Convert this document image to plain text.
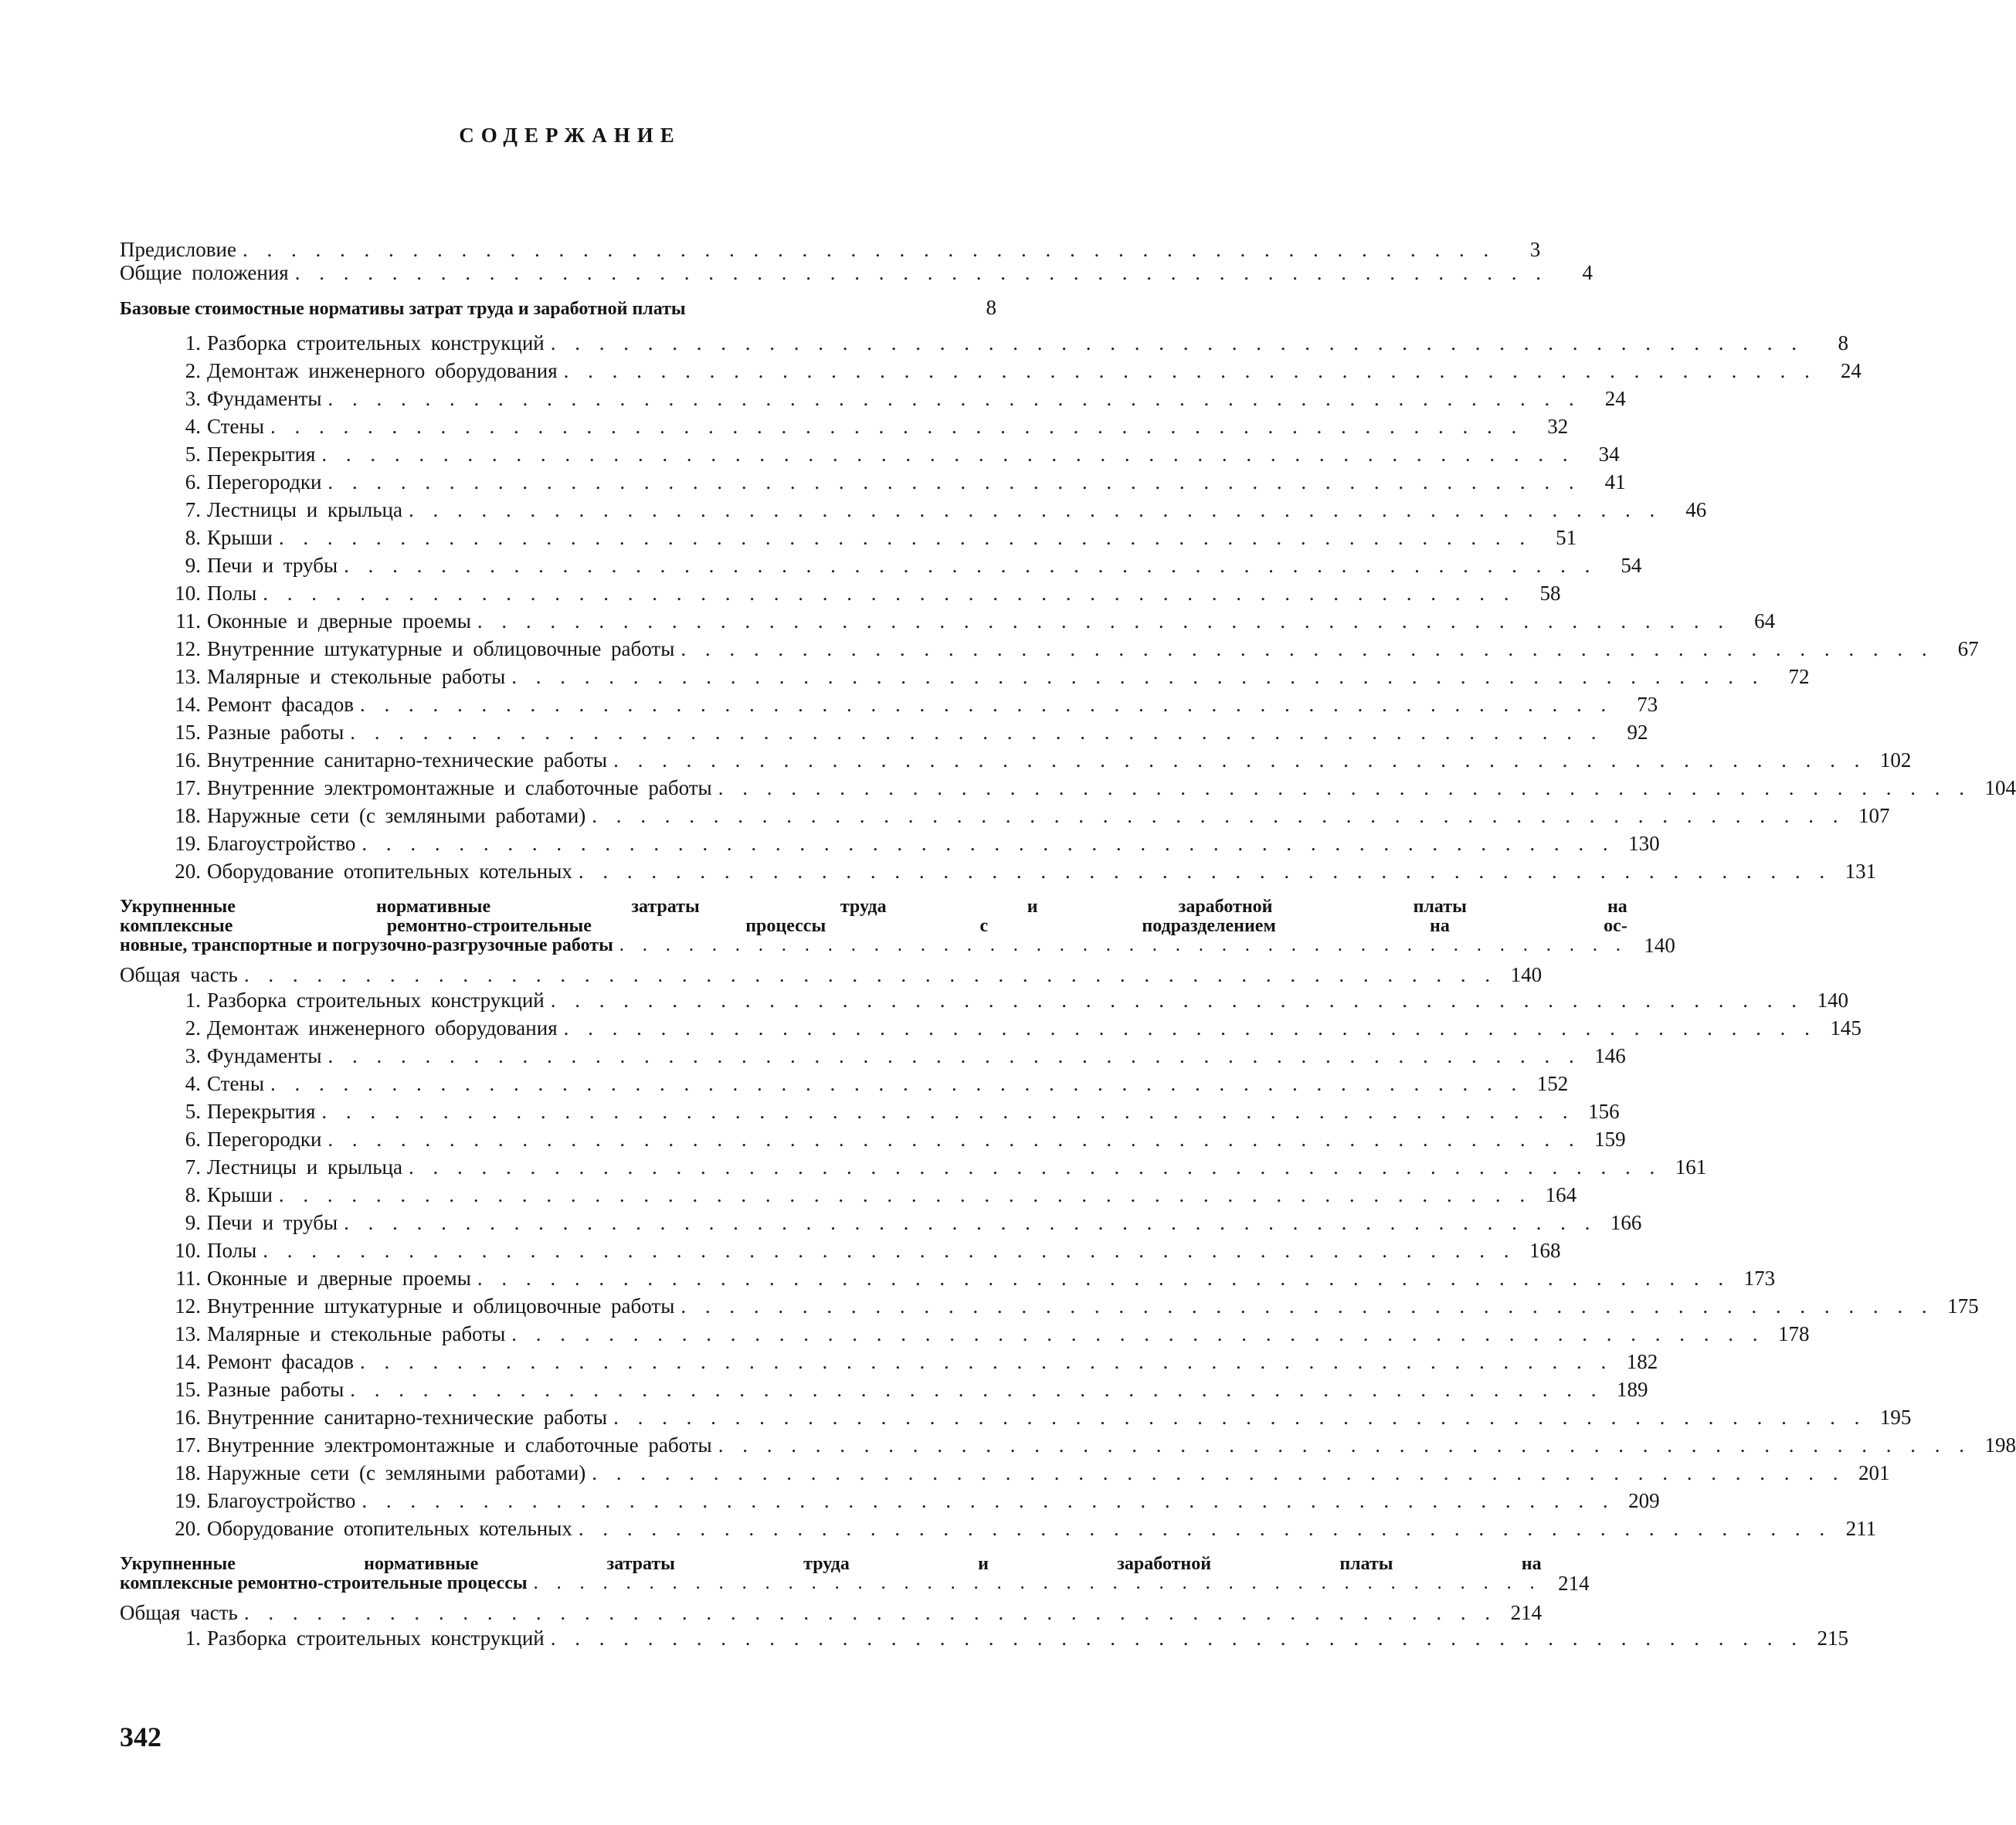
СОДЕРЖАНИЕ
Предисловие . . .	3
Общие положения . . .	4
Базовые стоимостные нормативы затрат труда и заработной платы	8
1. Разборка строительных конструкций . . .	8
2. Демонтаж инженерного оборудования . . .	24
3. Фундаменты . . .	24
4. Стены . . .	32
5. Перекрытия . . .	34
6. Перегородки . . .	41
7. Лестницы и крыльца . . .	46
8. Крыши . . .	51
9. Печи и трубы . . .	54
10. Полы . . .	58
11. Оконные и дверные проемы . . .	64
12. Внутренние штукатурные и облицовочные работы . . .	67
13. Малярные и стекольные работы . . .	72
14. Ремонт фасадов . . .	73
15. Разные работы . . .	92
16. Внутренние санитарно-технические работы . . .	102
17. Внутренние электромонтажные и слаботочные работы . . .	104
18. Наружные сети (с земляными работами) . . .	107
19. Благоустройство . . .	130
20. Оборудование отопительных котельных . . .	131
Укрупненные нормативные затраты труда и заработной платы на
комплексные ремонтно-строительные процессы с подразделением на ос-
новные, транспортные и погрузочно-разгрузочные работы . . .	140
Общая часть . . .	140
1. Разборка строительных конструкций . . .	140
2. Демонтаж инженерного оборудования . . .	145
3. Фундаменты . . .	146
4. Стены . . .	152
5. Перекрытия . . .	156
6. Перегородки . . .	159
7. Лестницы и крыльца . . .	161
8. Крыши . . .	164
9. Печи и трубы . . .	166
10. Полы . . .	168
11. Оконные и дверные проемы . . .	173
12. Внутренние штукатурные и облицовочные работы . . .	175
13. Малярные и стекольные работы . . .	178
14. Ремонт фасадов . . .	182
15. Разные работы . . .	189
16. Внутренние санитарно-технические работы . . .	195
17. Внутренние электромонтажные и слаботочные работы . . .	198
18. Наружные сети (с земляными работами) . . .	201
19. Благоустройство . . .	209
20. Оборудование отопительных котельных . . .	211
Укрупненные нормативные затраты труда и заработной платы на
комплексные ремонтно-строительные процессы . . .	214
Общая часть . . .	214
1. Разборка строительных конструкций . . .	215
342
